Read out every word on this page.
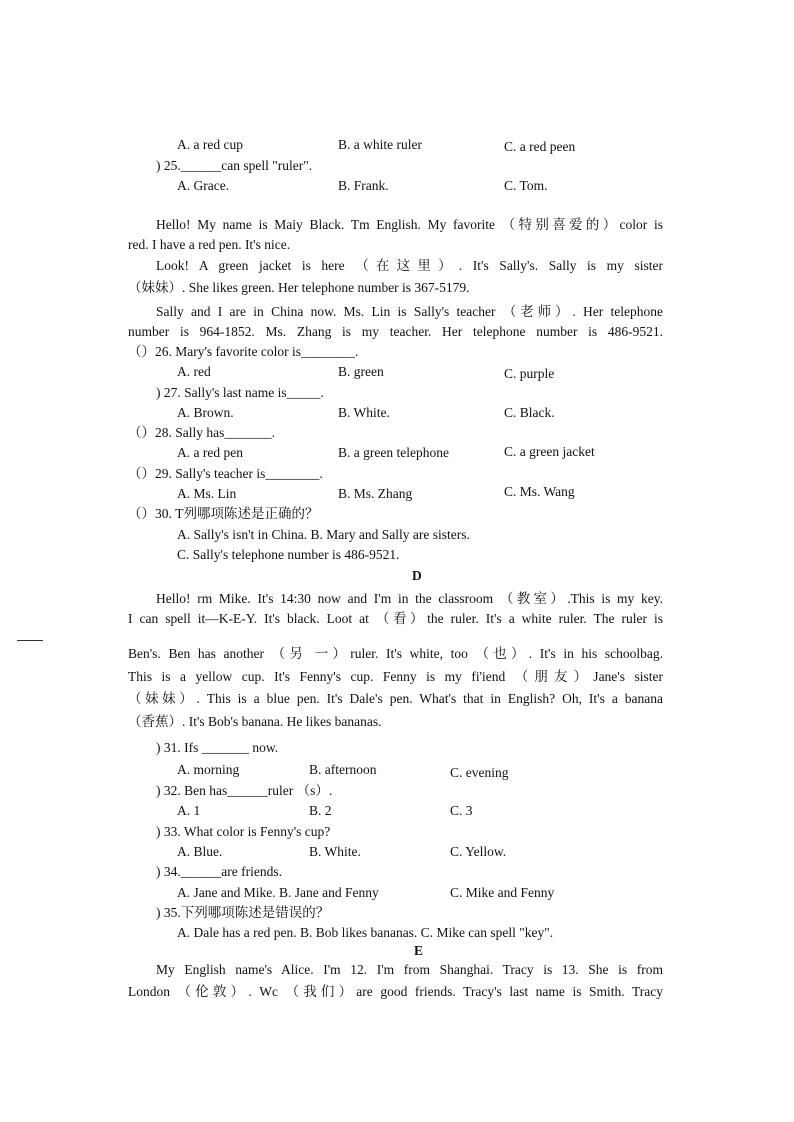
A. a red cup	B. a white ruler	C. a red peen
) 25.______can spell "ruler".
A. Grace.	B. Frank.	C. Tom.
Hello! My name is Maiy Black. Tm English. My favorite （特别喜爱的）color is
red. I have a red pen. It's nice.
Look! A green jacket is here （在这里）. It's Sally's. Sally is my sister
（妹妹）. She likes green. Her telephone number is 367-5179.
Sally and I are in China now. Ms. Lin is Sally's teacher （老师）. Her telephone
number is 964-1852. Ms. Zhang is my teacher. Her telephone number is 486-9521.
（）26. Mary's favorite color is________.
A. red	B. green	C. purple
) 27. Sally's last name is_____.
A. Brown.	B. White.	C. Black.
（）28. Sally has_______.
A. a red pen	B. a green telephone	C. a green jacket
（）29. Sally's teacher is________.
A. Ms. Lin	B. Ms. Zhang	C. Ms. Wang
（）30. T列哪项陈述是正确的？
A. Sally's isn't in China. B. Mary and Sally are sisters.
C. Sally's telephone number is 486-9521.
D
Hello! rm Mike. It's 14:30 now and I'm in the classroom （教室）.This is my key.
I can spell it—K-E-Y. It's black. Loot at （看）the ruler. It's a white ruler. The ruler is
Ben's. Ben has another （另 一）ruler. It's white, too （也）. It's in his schoolbag.
This is a yellow cup. It's Fenny's cup. Fenny is my fi'iend （朋友）Jane's sister
（妹妹）. This is a blue pen. It's Dale's pen. What's that in English? Oh, It's a banana
（香蕉）. It's Bob's banana. He likes bananas.
) 31. Ifs _______ now.
A. morning	B. afternoon	C. evening
) 32. Ben has______ruler （s）.
A. 1	B. 2	C. 3
) 33. What color is Fenny's cup?
A. Blue.	B. White.	C. Yellow.
) 34.______are friends.
A. Jane and Mike. B. Jane and Fenny	C. Mike and Fenny
) 35.下列哪项陈述是错误的？
A. Dale has a red pen. B. Bob likes bananas. C. Mike can spell "key".
E
My English name's Alice. I'm 12. I'm from Shanghai. Tracy is 13. She is from
London （伦敦）. Wc （我们）are good friends. Tracy's last name is Smith. Tracy
